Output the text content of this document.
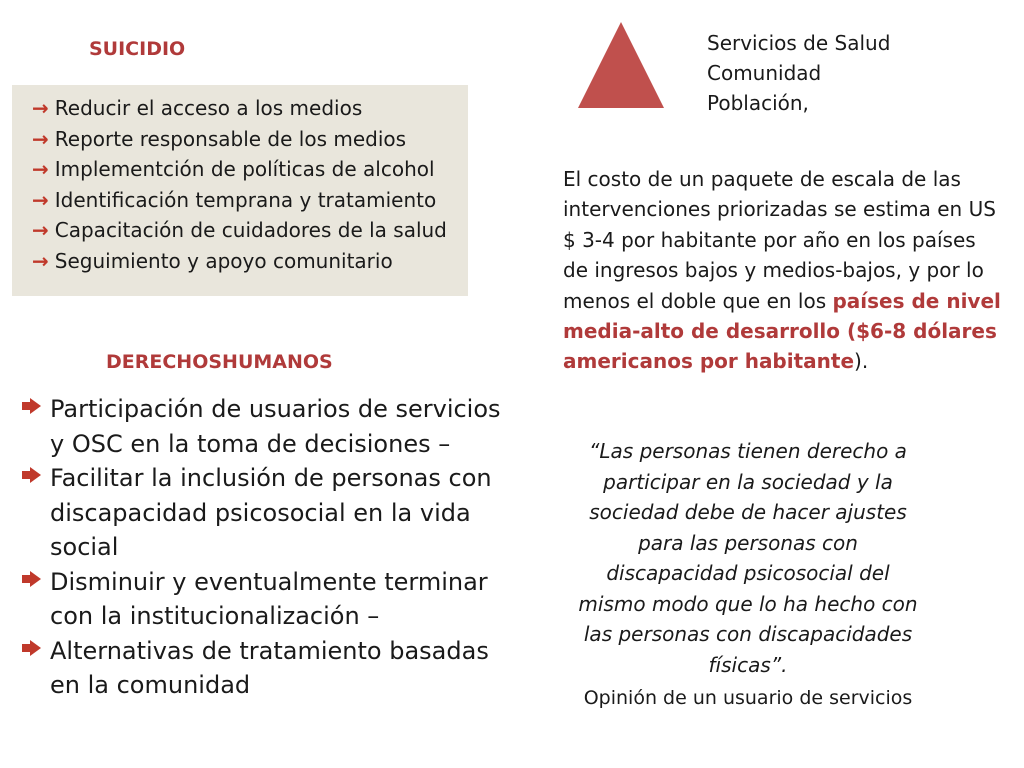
SUICIDIO
→ Reducir el acceso a los medios
→ Reporte responsable de los medios
→ Implementción de políticas de alcohol
→ Identificación temprana y tratamiento
→ Capacitación de cuidadores de la salud
→ Seguimiento y apoyo comunitario
Servicios de Salud
Comunidad
Población,
El costo de un paquete de escala de las intervenciones priorizadas se estima en US $ 3-4 por habitante por año en los países de ingresos bajos y medios-bajos, y por lo menos el doble que en los países de nivel media-alto de desarrollo ($6-8 dólares americanos por habitante).
DERECHOSHUMANOS
Participación de usuarios de servicios y OSC en la toma de decisiones –
Facilitar la inclusión de personas con discapacidad psicosocial en la vida social
Disminuir y eventualmente terminar con la institucionalización –
Alternativas de tratamiento basadas en la comunidad
“Las personas tienen derecho a participar en la sociedad y la sociedad debe de hacer ajustes para las personas con discapacidad psicosocial del mismo modo que lo ha hecho con las personas con discapacidades físicas”.
Opinión de un usuario de servicios
